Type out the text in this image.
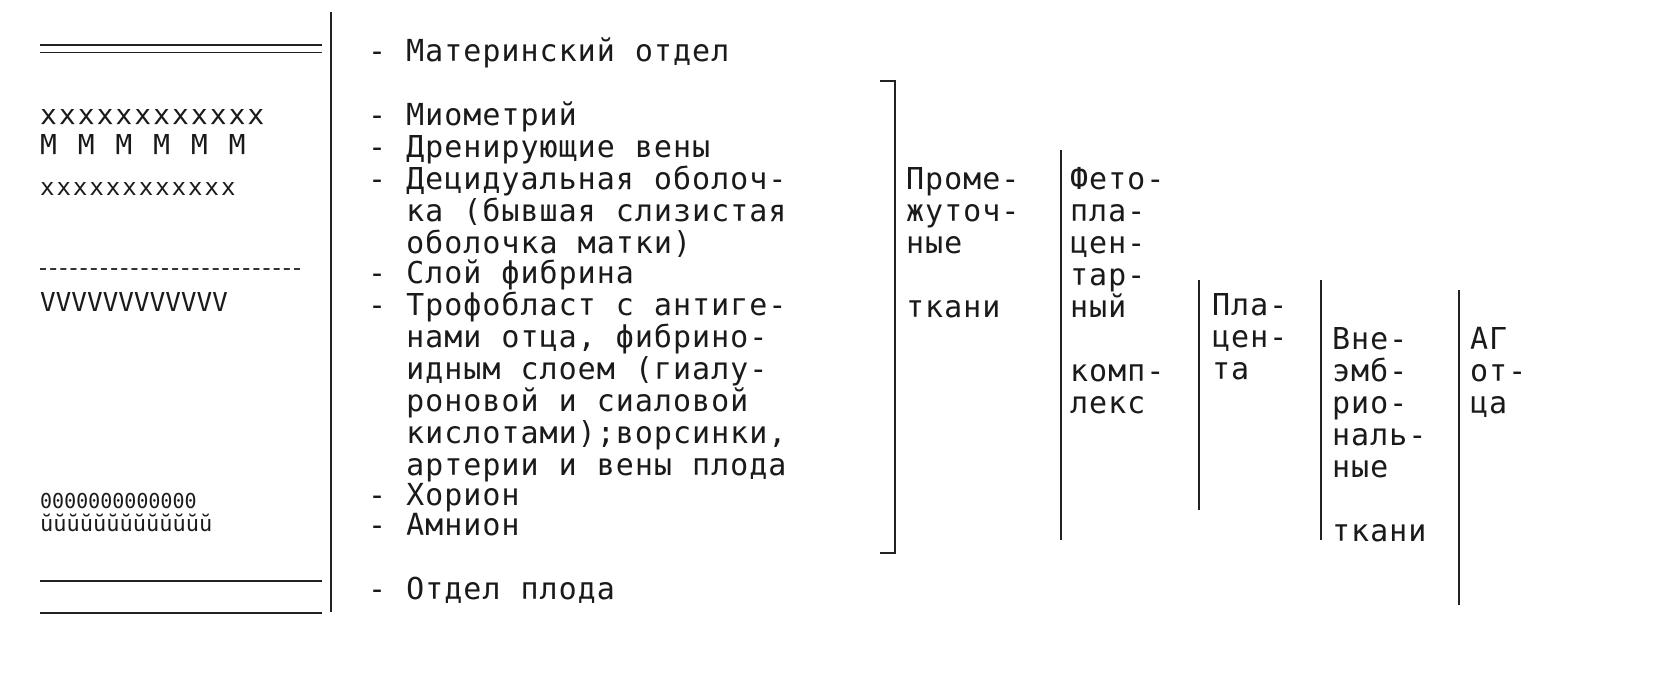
xxxxxxxxxxxx
M M M M M M
xxxxxxxxxxxx
VVVVVVVVVVVV
0000000000000
ŭŭŭŭŭŭŭŭŭŭŭŭŭ
- Материнский отдел
- Миометрий
- Дренирующие вены
- Децидуальная оболоч-
ка (бывшая слизистая
оболочка матки)
- Слой фибрина
- Трофобласт с антиге-
нами отца, фибрино-
идным слоем (гиалу-
роновой и сиаловой
кислотами);ворсинки,
артерии и вены плода
- Хорион
- Амнион
- Отдел плода
Проме-
жуточ-
ные

ткани
Фето-
пла-
цен-
тар-
ный

комп-
лекс
Пла-
цен-
та
Вне-
эмб-
рио-
наль-
ные

ткани
АГ
от-
ца
